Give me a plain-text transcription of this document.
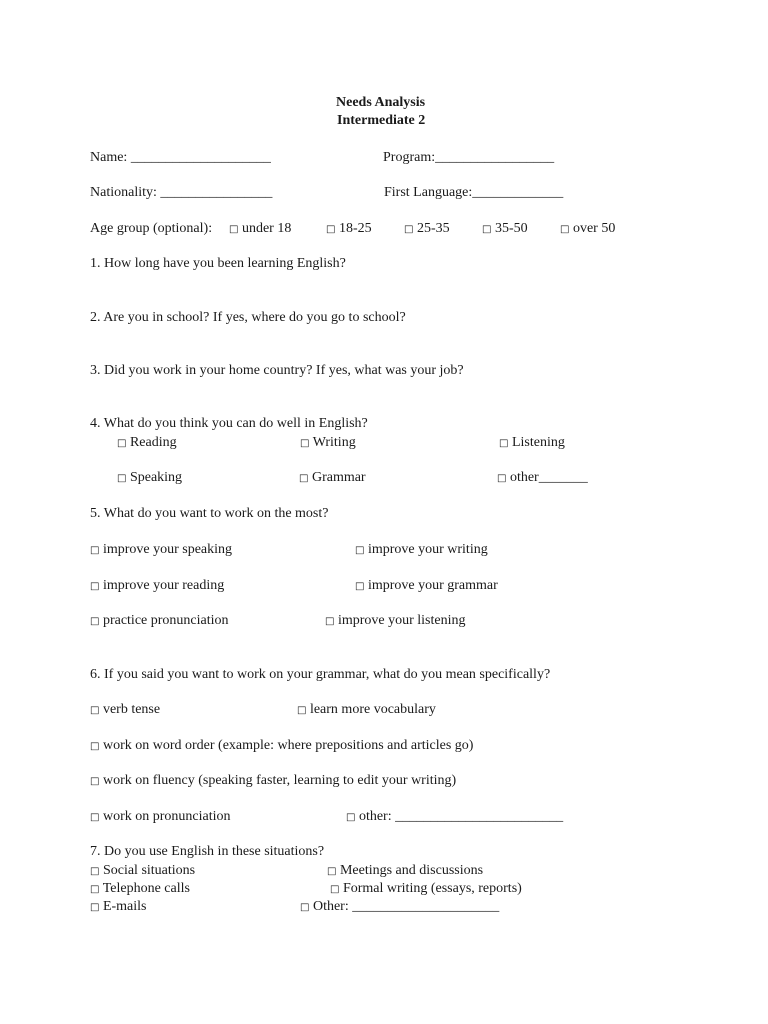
Needs Analysis
Intermediate 2
Name: ____________________	Program:_________________
Nationality: ________________	First Language:_____________
Age group (optional): □ under 18	□ 18-25	□ 25-35	□ 35-50	□ over 50
1. How long have you been learning English?
2. Are you in school? If yes, where do you go to school?
3. Did you work in your home country? If yes, what was your job?
4. What do you think you can do well in English?
□ Reading	□ Writing	□ Listening
□ Speaking	□ Grammar	□ other_______
5. What do you want to work on the most?
□ improve your speaking	□ improve your writing
□ improve your reading	□ improve your grammar
□ practice pronunciation	□ improve your listening
6. If you said you want to work on your grammar, what do you mean specifically?
□ verb tense	□ learn more vocabulary
□ work on word order (example: where prepositions and articles go)
□ work on fluency (speaking faster, learning to edit your writing)
□ work on pronunciation	□ other: ________________________
7. Do you use English in these situations?
□ Social situations	□ Meetings and discussions
□ Telephone calls	□ Formal writing (essays, reports)
□ E-mails	□ Other: _____________________
